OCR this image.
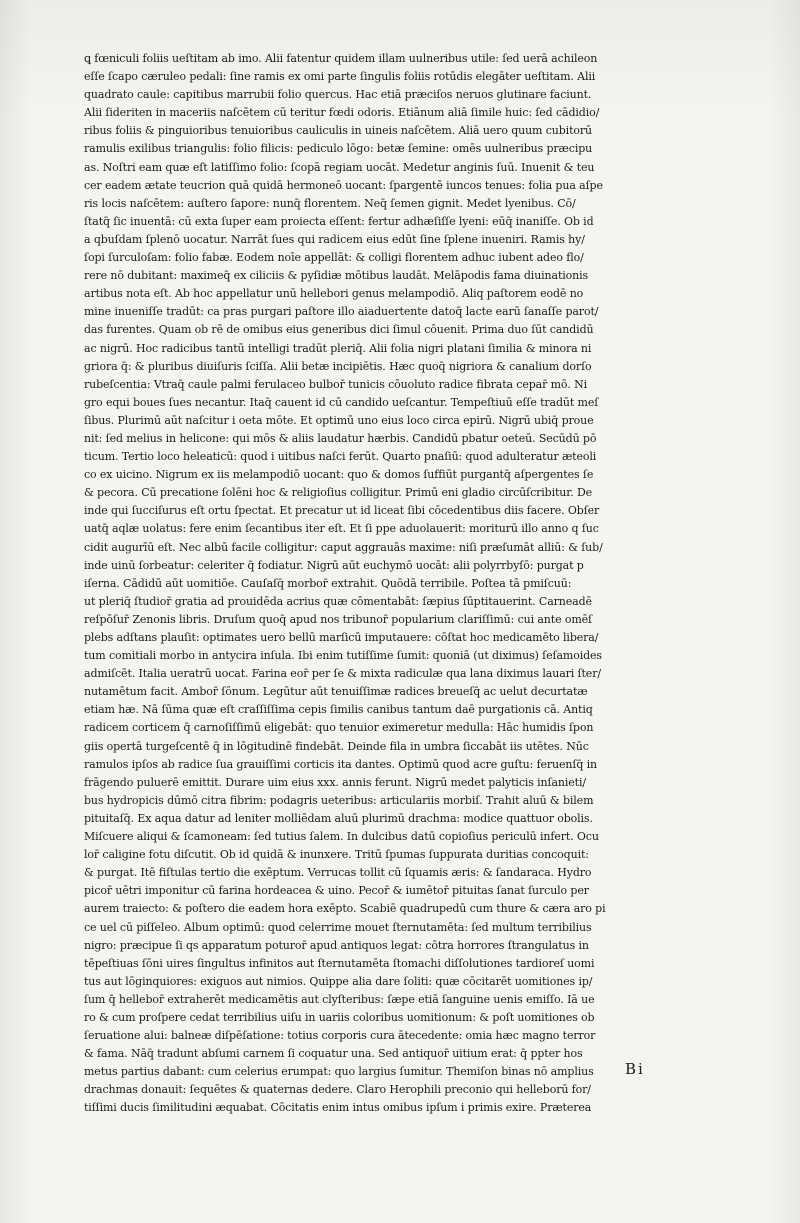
ꝗ fœniculi foliis ueſtitam ab imo. Alii fatentur quidem illam uulneribus utile: ſed uerā achileon
eſſe ſcapo cæruleo pedali: ſine ramis ex omi parte ſingulis foliis rotūdis elegāter ueſtitam. Alii
quadrato caule: capitibus marrubii folio quercus. Hac etiā præciſos neruos glutinare faciunt.
Alii ſideriten in maceriis naſcētem cū teritur fœdi odoris. Etiānum aliā ſimile huic: ſed cādidio/
ribus foliis & pinguioribus tenuioribus cauliculis in uineis naſcētem. Aliā uero quum cubitorū
ramulis exilibus triangulis: folio filicis: pediculo lōgo: betæ ſemine: omēs uulneribus præcipu
as. Noſtri eam quæ eſt latiſſimo folio: ſcopā regiam uocāt. Medetur anginis ſuū. Inuenit & teu
cer eadem ætate teucrion quā quidā hermoneō uocant: ſpargentē iuncos tenues: folia pua aſpe
ris locis naſcētem: auſtero ſapore: nunq̄ florentem. Neq̄ ſemen gignit. Medet lyenibus. Cō/
ſtatq̄ ſic inuentā: cū exta ſuper eam proiecta eſſent: fertur adhæſiſſe lyeni: eūq̄ inaniſſe. Ob id
a qbuſdam ſplenō uocatur. Narrāt ſues qui radicem eius edūt ſine ſplene inueniri. Ramis hy/
ſopi ſurculoſam: folio fabæ. Eodem noīe appellāt: & colligi florentem adhuc iubent adeo flo/
rere nō dubitant: maximeq̄ ex ciliciis & pyſidiæ mōtibus laudāt. Melāpodis fama diuinationis
artibus nota eſt. Ab hoc appellatur unū hellebori genus melampodiō. Aliq paſtorem eodē no
mine inueniſſe tradūt: ca pras purgari paſtore illo aiaduertente datoq̄ lacte earū ſanaſſe parot/
das furentes. Quam ob rē de omibus eius generibus dici ſimul cōuenit. Prima duo ſūt candidū
ac nigrū. Hoc radicibus tantū intelligi tradūt pleriq̄. Alii folia nigri platani ſimilia & minora ni
griora q̄: & pluribus diuiſuris ſciſſa. Alii betæ incipiētis. Hæc quoq̄ nigriora & canalium dorſo
rubeſcentia: Vtraq̄ caule palmi ferulaceo bulbor̄ tunicis cōuoluto radice fibrata cepar̄ mō. Ni
gro equi boues ſues necantur. Itaq̄ cauent id cū candido ueſcantur. Tempeſtiuū eſſe tradūt meſ
ſibus. Plurimū aūt naſcitur i oeta mōte. Et optimū uno eius loco circa epirū. Nigrū ubiq̄ proue
nit: ſed melius in helicone: qui mōs & aliis laudatur hærbis. Candidū pbatur oeteū. Secūdū pō
ticum. Tertio loco heleaticū: quod i uitibus naſci ferūt. Quarto pnaſiū: quod adulteratur æteoli
co ex uicino. Nigrum ex iis melampodiō uocant: quo & domos ſuffiūt purgantq̄ aſpergentes ſe
& pecora. Cū precatione ſolēni hoc & religioſius colligitur. Primū eni gladio circūſcribitur. De
inde qui ſucciſurus eſt ortu ſpectat. Et precatur ut id liceat ſibi cōcedentibus diis facere. Obſer
uatq̄ aqlæ uolatus: fere enim ſecantibus iter eſt. Et ſi ppe aduolauerit: moriturū illo anno q ſuc
cidit augurīū eſt. Nec albū facile colligitur: caput aggrauās maxime: niſi præſumāt alliū: & ſub/
inde uinū ſorbeatur: celeriter q̄ fodiatur. Nigrū aūt euchymō uocāt: alii polyrrbyſō: purgat p
iſerna. Cādidū aūt uomitiōe. Cauſaſq̄ morbor̄ extrahit. Quōdā terribile. Poſtea tā pmiſcuū:
ut pleriq̄ ſtudior̄ gratia ad prouidēda acrius quæ cōmentabāt: ſæpius ſūptitauerint. Carneadē
reſpōſur̄ Zenonis libris. Druſum quoq̄ apud nos tribunor̄ popularium clariſſimū: cui ante omēſ
plebs adſtans plauſit: optimates uero bellū marſicū imputauere: cōſtat hoc medicamēto libera/
tum comitiali morbo in antycira inſula. Ibi enim tutiſſime ſumit: quoniā (ut diximus) ſeſamoides
admiſcēt. Italia ueratrū uocat. Farina eor̄ per ſe & mixta radiculæ qua lana diximus lauari ſter/
nutamētum facit. Ambor̄ ſōnum. Legūtur aūt tenuiſſimæ radices breueſq̄ ac uelut decurtatæ
etiam hæ. Nā ſūma quæ eſt craſſiſſima cepis ſimilis canibus tantum daē purgationis cā. Antiq
radicem corticem q̄ carnoſiſſimū eligebāt: quo tenuior eximeretur medulla: Hāc humidis ſpon
giis opertā turgeſcentē q̄ in lōgitudinē findebāt. Deinde fila in umbra ſiccabāt iis utētes. Nūc
ramulos ipſos ab radice ſua grauiſſimi corticis ita dantes. Optimū quod acre guſtu: feruenſq̄ in
frāgendo puluerē emittit. Durare uim eius xxx. annis ferunt. Nigrū medet palyticis inſanieti/
bus hydropicis dūmō citra fibrim: podagris ueteribus: articulariis morbiſ. Trahit aluū & bilem
pituitaſq̄. Ex aqua datur ad leniter molliēdam aluū plurimū drachma: modice quattuor obolis.
Miſcuere aliqui & ſcamoneam: ſed tutius ſalem. In dulcibus datū copioſius periculū infert. Ocu
lor̄ caligine fotu diſcutit. Ob id quidā & inunxere. Tritū ſpumas ſuppurata duritias concoquit:
& purgat. Itē fiſtulas tertio die exēptum. Verrucas tollit cū ſquamis æris: & ſandaraca. Hydro
picor̄ uētri imponitur cū farina hordeacea & uino. Pecor̄ & iumētor̄ pituitas ſanat ſurculo per
aurem traiecto: & poſtero die eadem hora exēpto. Scabiē quadrupedū cum thure & cæra aro pi
ce uel cū piſſeleo. Album optimū: quod celerrime mouet ſternutamēta: ſed multum terribilius
nigro: præcipue ſi qs apparatum poturor̄ apud antiquos legat: cōtra horrores ſtrangulatus in
tēpeſtiuas ſōni uires ſingultus infinitos aut ſternutamēta ſtomachi diſſolutiones tardioreſ uomi
tus aut lōginquiores: exiguos aut nimios. Quippe alia dare ſoliti: quæ cōcitarēt uomitiones ip/
ſum q̄ hellebor̄ extraherēt medicamētis aut clyſteribus: ſæpe etiā ſanguine uenis emiſſo. Iā ue
ro & cum proſpere cedat terribilius uiſu in uariis coloribus uomitionum: & poſt uomitiones ob
ſeruatione alui: balneæ diſpēſatione: totius corporis cura ātecedente: omia hæc magno terror
& fama. Nāq̄ tradunt abſumi carnem ſi coquatur una. Sed antiquor̄ uitium erat: q̄ ppter hos
metus partius dabant: cum celerius erumpat: quo largius ſumitur. Themiſon binas nō amplius
drachmas donauit: ſequētes & quaternas dedere. Claro Herophili preconio qui helleborū for/
tiſſimi ducis ſimilitudini æquabat. Cōcitatis enim intus omibus ipſum i primis exire. Præterea
Bi
